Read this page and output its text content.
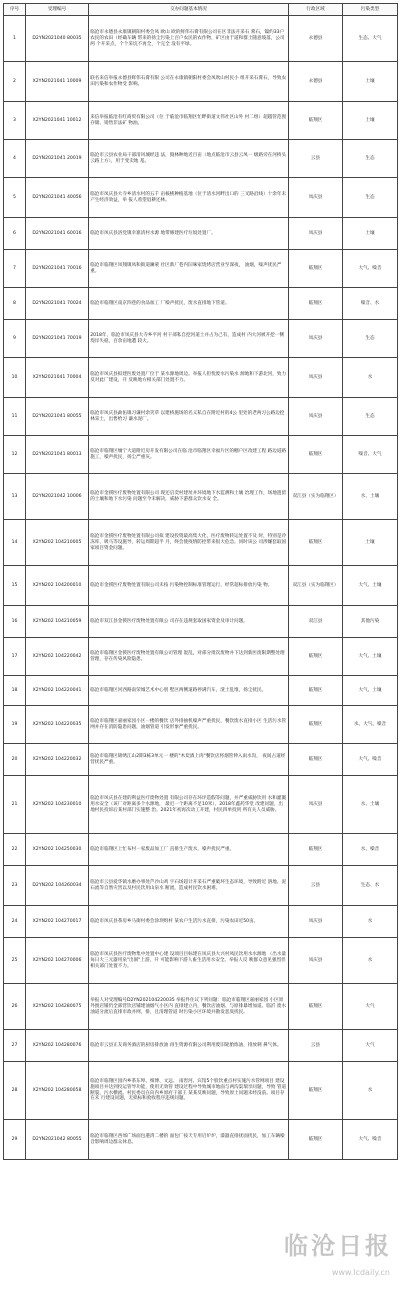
序号	受理编号	交办问题基本情况	行政区域	污染类型
1	D2YN2021040 80035	临沧市永德县永康镇朝阳村委会凤 欧山 欧的鲜伟石膏有限公司在区非法开采石 膏石，镍约33户农民的农田（经确车辆 带来的扬尘污染上百户农民的农作物，矿区由于道和群土随意坡落，公司两 个开采点，个个采坑不再全，个完全 没有平绿。	永德县	生态、大气
2	X2YN2021041 10009	联名来信举报永德县辉伟石膏有限 公司在永康镇朝阳村委会凤吹山村民小 组开采石膏石，导致农田污染和农作物受 影响。	永德县	土壤
3	X2YN2021041 10012	来信举报临沧有红商贸有限公司（位 于临沧市临翔区忙畔街道文伟社区山外 村二组）超越管范围存储、销售非法矿 物油。	临翔区	土壤
4	D2YN2021041 20019	临沧市云县农业局干部清风城经违 法，毁林种地近百亩（地点临沧市云县云凤一 级路旁在河桥头云路上方），用于变卖地 基。	云县	生态
5	D2YN2021041 40056	临沧市凤庆县大寺乡清水村的五千 亩核桃种植基地（位于清水河畔出口的 三叉路沿线）十余年未产生经济效益，举 报人希望退耕还林。	凤庆县	生态
6	D2YN2021041 60016	临沧市凤庆县洛党镇幸寨清村水源 地带修建医疗垃圾处置厂。	凤庆县	土壤
7	D2YN2021041 70016	临沧市临翔区凤翔镇凤和街道澜蒙 社区新厂巷内旧味家烧烤店营业至深夜， 油烟，噪声扰民严重。	临翔区	大气、噪音
8	D2YN2021041 70024	临沧市临翔区南京四巷的食品加工 厂噪声扰民，废水直排地下管道。	临翔区	噪音、水
9	D2YN2021041 70019	2018年，临沧市凤庆县大寺乡平河 村干部私自挖河道土并占为己有，造成村 内大河被开挖一侧堤岸失稳，百余亩地遭 较大。	凤庆县	生态
10	X2YN2021041 70004	临沧市凤庆县拟建医废处置厂位于 某水源地周边。举报人担忧废水污染水 源地和下游北河，致力反对此厂建设，开 反映地方相关部门处置不力。	凤庆县	水
11	D2YN2021041 80055	临沧市凤庆县勐佑镇习谦村余笑草 以建桥施场的名义私自在附近村的4公 里处的老两习公路边挖林采土，出售给习 谦水泥厂。	凤庆县	生态
12	D2YN2021041 80013	临沧市临翔区缅宁大道附近房开发有限公司在临 沧市临翔区幸福片区的棚户区改建工程 路边道路施工，噪声扰民，扬尘严重灰。	临翔区	噪音、大气
13	D2YN2021042 10006	临沧市金援医疗废物处置有限公司 现还启奕村建址并环境地下水监测和土壤 治理工作，场地遗留的土壤和地下水污染 问题至今未解决，威胁下游群众饮水安 全。	双江县（实为临翔区）	水、土壤
14	X2YN202 104210005	临沧市金援医疗废物处置有限公司拟 建设投资最高集大化，医疗废物转运处置不及 时，特别是冷冻库、吸马等设施导，转运周期超半 月，终会使疫情防控带来很大危急。同时该公 司涉嫌套取国家项目资金问题。	临翔区	土壤
15	X2YN202 104200010	临沧市金援医疗废物处置有限公司未按 污染物控制标准管理运行，经常超标排放污染 物。	双江县（实为临翔区）	大气、土壤
16	X2YN202 104210059	临沧市双江县金援医疗废物处置有限公 司存在违规套取国家资金及审计问题。	双江县	其他污染
17	X2YN202 104220042	临沧市临翔区金援医疗废物处置有限公司管理 混乱，对部分批次废物并下达到新医废限期整处理 管理，存在传染风险隐患。	临翔区	大气、土壤
18	X2YN202 104220041	临沧市临翔区河西路南荣城艺术中心别 墅区两侧道路停满汽车，渣土乱堆，扬尘扰民。	临翔区	大气、土壤
19	X2YN202 104220035	临沧市临翔区嘉丽家园小区一楼的餐饮 店外排抽机噪声严重扰民，餐饮废水直排小区 生活污水管网并存在消防隐患问题，油烟管道 引发形象严重扰民。	临翔区	水、大气、噪音
20	X2YN202 104220032	临沧市临翔区锦绣江山2期3栋3单元一 楼的"木炭酒上肉"餐饮店将烟管伸入雨水沟， 夜间占道经营扰民严重。	临翔区	大气、噪音
21	X2YN202 104230010	临沧市凤庆县在建的利益医疗废物处置 有限公司存在环评造假等问题，并严重威胁饮用 水和灌溉用水安全（该厂对距离多个水源地， 最近一个距离不足10米）。2018年鑫药华堂 改建问题，出地村民投诉后某村部门实施整 治。2021年初再次动工开建，村民四单投到 所有关人员威胁。	凤庆县	水、土壤
22	X2YN202 104250030	临沧市临翔区上忙布村一家废品加工厂 直排生产废水，噪声扰民严重。	临翔区	水、噪音
23	D2YN202 104260034	临沧市云县爱华镇水磨办事处芦沙山鸡 宇石场超计开采石严重破坏生态环境，导致附近 溶地、泥石流等自然灾害以及村民饮用山泉水 断流，造成村民饮水困难。	云县	生态、水
24	X2YN202 104270017	临沧市凤庆县茶房乡马街村委会涂坝组村 某农户生活污水直排，污染农田近50亩。	凤庆县	水
25	X2YN202 104270006	临沧市凤庆县医疗废物集中处置中心建 设项目目标建在凤庆县大兴村凤民饮用水水源地 （出水量每日大三元器用泉"出洞"上游，开 可能影响下游人畜生活用水安全。举报人反 映群众意见强烈但相关部门处置不力。	凤庆县	水
26	X2YN202 104280075	举报人对受理编号D2YN202104220035 举报件住议下列问题：临沧市临翔区嘉丽家园 小区原外围店铺仍全部营饮店铺建油烟气小区内 直排建立内，餐饮店油烟、与原排暴增加道。临沂 废水油道分流后直排市政并网，排，且清理管道 时污染小区环境并散发恶臭扰民。	临翔区	大气
27	X2YN202 104280076	临沧市云县正友商务酒店的厨房排放油 再生资源有限公司利用废旧轮胎炼油，排放刺 鼻气体。	云县	大气
28	X2YN202 104280058	临沧市临翔区园内乡茶东埠、细博、文远、 南窖河、宾馆5个股饮重点村实施污水管网项目 建设施项目并达到投运管导功能，使用无效管 建设过程中导致城市地面与两沟渠瑞享问题，导致 管道断裂，污水横流。村民委员在向内乡原府干部王 某某反映问题，导致原土问题未经没前。项目存在未 行建设问题，无损标和验收程序违规问题。	临翔区	水
29	D2YN2021042 80055	临沧市临翔区西郊广场面包港湾二楼的 面包厂按天专用启炉炉，漆器直排扰面扰民，加工车辆噪音影响周边群众休息。	临翔区	大气、噪音
临沧日报
www.lcdaily.cn
